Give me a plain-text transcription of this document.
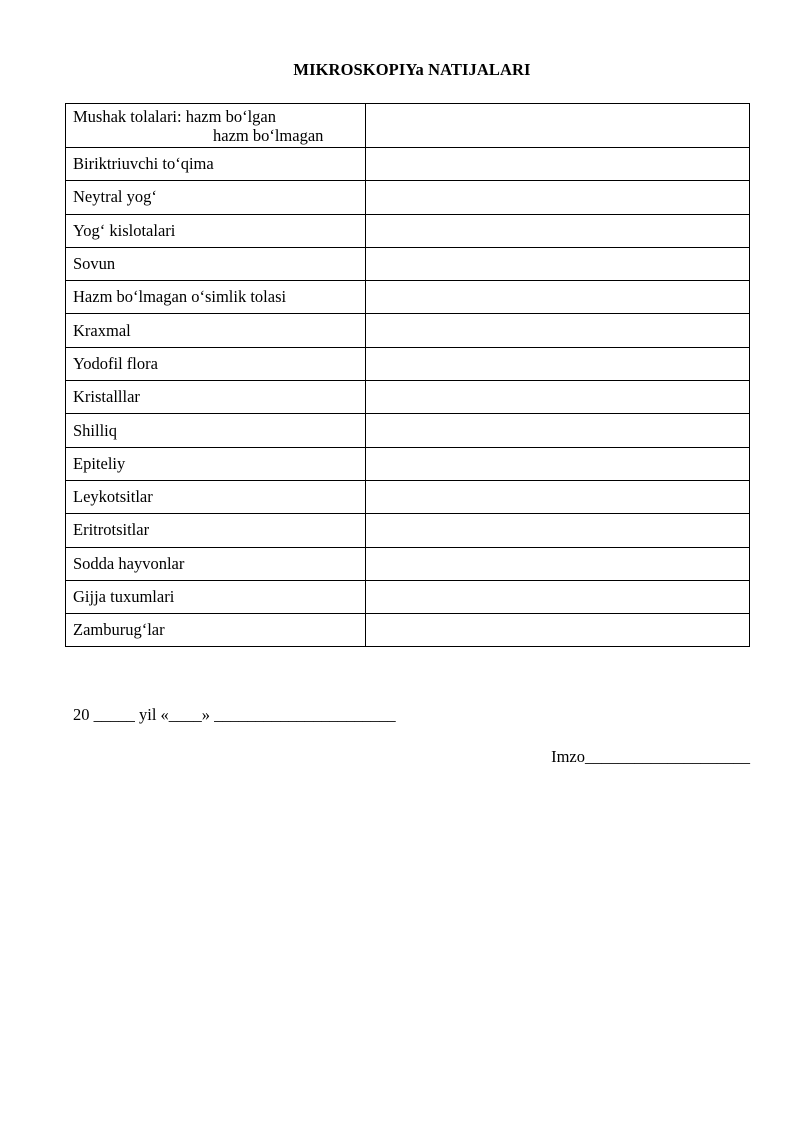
MIKROSKOPIYa NATIJALARI
Mushak tolalari: hazm bo‘lgan
hazm bo‘lmagan	

Biriktriuvchi to‘qima	
Neytral yog‘	
Yog‘ kislotalari	
Sovun	
Hazm bo‘lmagan o‘simlik tolasi	
Kraxmal	
Yodofil flora	
Kristalllar	
Shilliq	
Epiteliy	
Leykotsitlar	
Eritrotsitlar	
Sodda hayvonlar	
Gijja tuxumlari	
Zamburug‘lar	
20 _____ yil «____» ______________________
Imzo____________________
